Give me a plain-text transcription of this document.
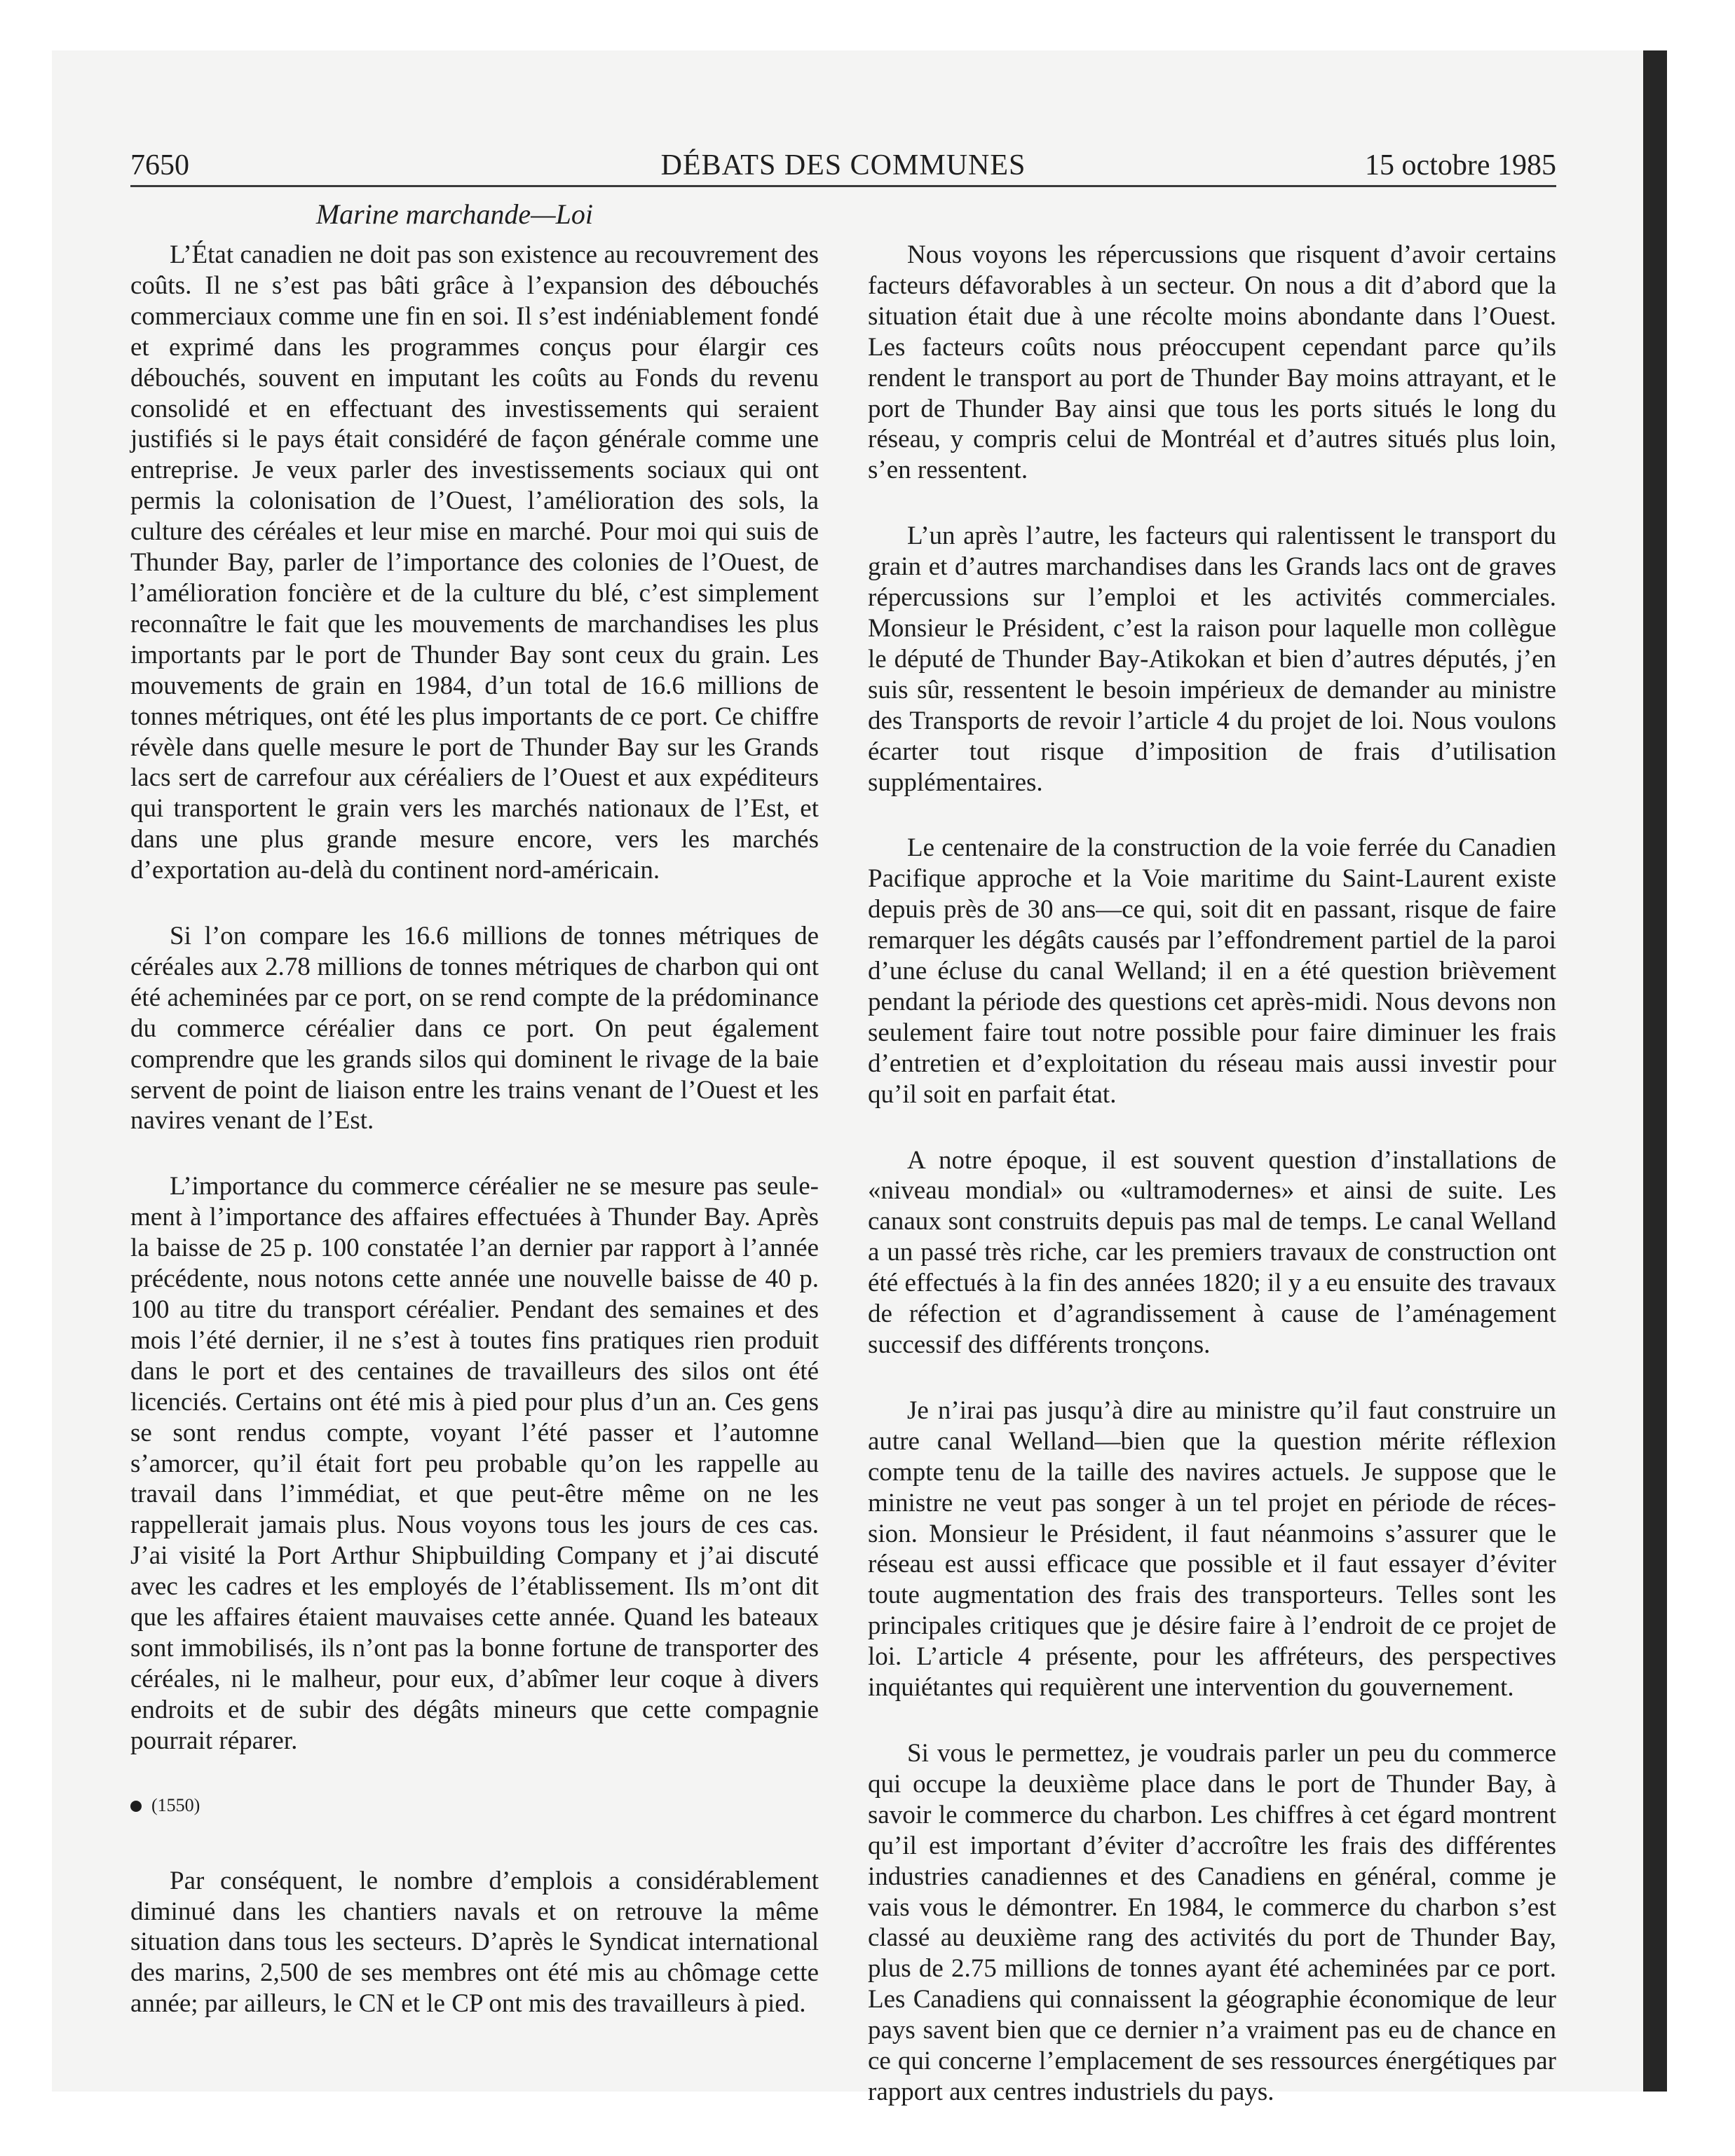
7650	DÉBATS DES COMMUNES	15 octobre 1985
Marine marchande—Loi

L’État canadien ne doit pas son existence au recouvrement des coûts. Il ne s’est pas bâti grâce à l’expansion des débouchés commerciaux comme une fin en soi. Il s’est indéniablement fondé et exprimé dans les programmes conçus pour élargir ces débouchés, souvent en imputant les coûts au Fonds du revenu consolidé et en effectuant des investissements qui seraient justifiés si le pays était considéré de façon générale comme une entreprise. Je veux parler des investissements sociaux qui ont permis la colonisation de l’Ouest, l’amélioration des sols, la culture des céréales et leur mise en marché. Pour moi qui suis de Thunder Bay, parler de l’importance des colonies de l’Ouest, de l’amélioration foncière et de la culture du blé, c’est simplement reconnaître le fait que les mouvements de marchandises les plus importants par le port de Thunder Bay sont ceux du grain. Les mouvements de grain en 1984, d’un total de 16.6 millions de tonnes métriques, ont été les plus importants de ce port. Ce chiffre révèle dans quelle mesure le port de Thunder Bay sur les Grands lacs sert de carrefour aux céréaliers de l’Ouest et aux expéditeurs qui transportent le grain vers les marchés nationaux de l’Est, et dans une plus grande mesure encore, vers les marchés d’exportation au-delà du continent nord-américain.

Si l’on compare les 16.6 millions de tonnes métriques de céréales aux 2.78 millions de tonnes métriques de charbon qui ont été acheminées par ce port, on se rend compte de la prédominance du commerce céréalier dans ce port. On peut également comprendre que les grands silos qui dominent le rivage de la baie servent de point de liaison entre les trains venant de l’Ouest et les navires venant de l’Est.

L’importance du commerce céréalier ne se mesure pas seulement à l’importance des affaires effectuées à Thunder Bay. Après la baisse de 25 p. 100 constatée l’an dernier par rapport à l’année précédente, nous notons cette année une nouvelle baisse de 40 p. 100 au titre du transport céréalier. Pendant des semaines et des mois l’été dernier, il ne s’est à toutes fins pratiques rien produit dans le port et des centaines de travailleurs des silos ont été licenciés. Certains ont été mis à pied pour plus d’un an. Ces gens se sont rendus compte, voyant l’été passer et l’automne s’amorcer, qu’il était fort peu probable qu’on les rappelle au travail dans l’immédiat, et que peut-être même on ne les rappellerait jamais plus. Nous voyons tous les jours de ces cas. J’ai visité la Port Arthur Shipbuilding Company et j’ai discuté avec les cadres et les employés de l’établissement. Ils m’ont dit que les affaires étaient mauvaises cette année. Quand les bateaux sont immobilisés, ils n’ont pas la bonne fortune de transporter des céréales, ni le malheur, pour eux, d’abîmer leur coque à divers endroits et de subir des dégâts mineurs que cette compagnie pourrait réparer.

(1550)

Par conséquent, le nombre d’emplois a considérablement diminué dans les chantiers navals et on retrouve la même situation dans tous les secteurs. D’après le Syndicat international des marins, 2,500 de ses membres ont été mis au chômage cette année; par ailleurs, le CN et le CP ont mis des travailleurs à pied.

Nous voyons les répercussions que risquent d’avoir certains facteurs défavorables à un secteur. On nous a dit d’abord que la situation était due à une récolte moins abondante dans l’Ouest. Les facteurs coûts nous préoccupent cependant parce qu’ils rendent le transport au port de Thunder Bay moins attrayant, et le port de Thunder Bay ainsi que tous les ports situés le long du réseau, y compris celui de Montréal et d’autres situés plus loin, s’en ressentent.

L’un après l’autre, les facteurs qui ralentissent le transport du grain et d’autres marchandises dans les Grands lacs ont de graves répercussions sur l’emploi et les activités commerciales. Monsieur le Président, c’est la raison pour laquelle mon collègue le député de Thunder Bay-Atikokan et bien d’autres députés, j’en suis sûr, ressentent le besoin impérieux de demander au ministre des Transports de revoir l’article 4 du projet de loi. Nous voulons écarter tout risque d’imposition de frais d’utilisation supplémentaires.

Le centenaire de la construction de la voie ferrée du Canadien Pacifique approche et la Voie maritime du Saint-Laurent existe depuis près de 30 ans—ce qui, soit dit en passant, risque de faire remarquer les dégâts causés par l’effondrement partiel de la paroi d’une écluse du canal Welland; il en a été question brièvement pendant la période des questions cet après-midi. Nous devons non seulement faire tout notre possible pour faire diminuer les frais d’entretien et d’exploitation du réseau mais aussi investir pour qu’il soit en parfait état.

A notre époque, il est souvent question d’installations de «niveau mondial» ou «ultramodernes» et ainsi de suite. Les canaux sont construits depuis pas mal de temps. Le canal Welland a un passé très riche, car les premiers travaux de construction ont été effectués à la fin des années 1820; il y a eu ensuite des travaux de réfection et d’agrandissement à cause de l’aménagement successif des différents tronçons.

Je n’irai pas jusqu’à dire au ministre qu’il faut construire un autre canal Welland—bien que la question mérite réflexion compte tenu de la taille des navires actuels. Je suppose que le ministre ne veut pas songer à un tel projet en période de récession. Monsieur le Président, il faut néanmoins s’assurer que le réseau est aussi efficace que possible et il faut essayer d’éviter toute augmentation des frais des transporteurs. Telles sont les principales critiques que je désire faire à l’endroit de ce projet de loi. L’article 4 présente, pour les affréteurs, des perspectives inquiétantes qui requièrent une intervention du gouvernement.

Si vous le permettez, je voudrais parler un peu du commerce qui occupe la deuxième place dans le port de Thunder Bay, à savoir le commerce du charbon. Les chiffres à cet égard montrent qu’il est important d’éviter d’accroître les frais des différentes industries canadiennes et des Canadiens en général, comme je vais vous le démontrer. En 1984, le commerce du charbon s’est classé au deuxième rang des activités du port de Thunder Bay, plus de 2.75 millions de tonnes ayant été acheminées par ce port. Les Canadiens qui connaissent la géographie économique de leur pays savent bien que ce dernier n’a vraiment pas eu de chance en ce qui concerne l’emplacement de ses ressources énergétiques par rapport aux centres industriels du pays.
